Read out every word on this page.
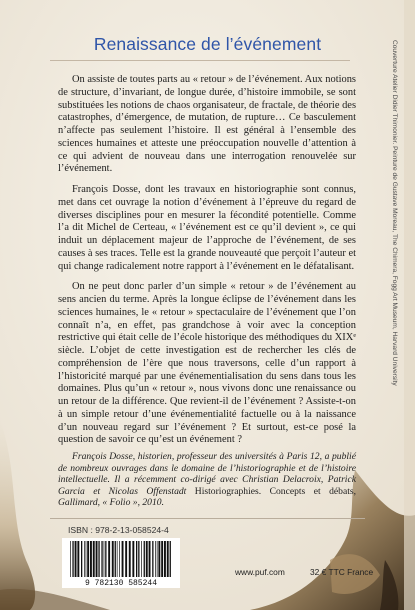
Renaissance de l’événement

On assiste de toutes parts au « retour » de l’événement. Aux notions de structure, d’invariant, de longue durée, d’histoire immobile, se sont substituées les notions de chaos organisateur, de fractale, de théorie des catastrophes, d’émergence, de mutation, de rupture… Ce basculement n’affecte pas seulement l’histoire. Il est général à l’ensemble des sciences humaines et atteste une préoccupation nouvelle d’attention à ce qui advient de nouveau dans une interrogation renouvelée sur l’événement.

François Dosse, dont les travaux en historiographie sont connus, met dans cet ouvrage la notion d’événement à l’épreuve du regard de diverses disciplines pour en mesurer la fécondité potentielle. Comme l’a dit Michel de Certeau, « l’événement est ce qu’il devient », ce qui induit un déplacement majeur de l’approche de l’événement, de ses causes à ses traces. Telle est la grande nouveauté que perçoit l’auteur et qui change radicalement notre rapport à l’événement en le défatalisant.

On ne peut donc parler d’un simple « retour » de l’événement au sens ancien du terme. Après la longue éclipse de l’événement dans les sciences humaines, le « retour » spectaculaire de l’événement que l’on connaît n’a, en effet, pas grandchose à voir avec la conception restrictive qui était celle de l’école historique des méthodiques du XIXᵉ siècle. L’objet de cette investigation est de rechercher les clés de compréhension de l’ère que nous traversons, celle d’un rapport à l’historicité marqué par une événementialisation du sens dans tous les domaines. Plus qu’un « retour », nous vivons donc une renaissance ou un retour de la différence. Que revient-il de l’événement ? Assiste-t-on à un simple retour d’une événementialité factuelle ou à la naissance d’un nouveau regard sur l’événement ? Et surtout, est-ce posé la question de savoir ce qu’est un événement ?

François Dosse, historien, professeur des universités à Paris 12, a publié de nombreux ouvrages dans le domaine de l’historiographie et de l’histoire intellectuelle. Il a récemment co-dirigé avec Christian Delacroix, Patrick Garcia et Nicolas Offenstadt Historiographies. Concepts et débats, Gallimard, « Folio », 2010.

ISBN : 978-2-13-058524-4
9 782130 585244
www.puf.com	32 € TTC France
Couverture Atelier Didier Thimonier. Peinture de Gustave Moreau, The Chimera, Fogg Art Museum, Harvard University
